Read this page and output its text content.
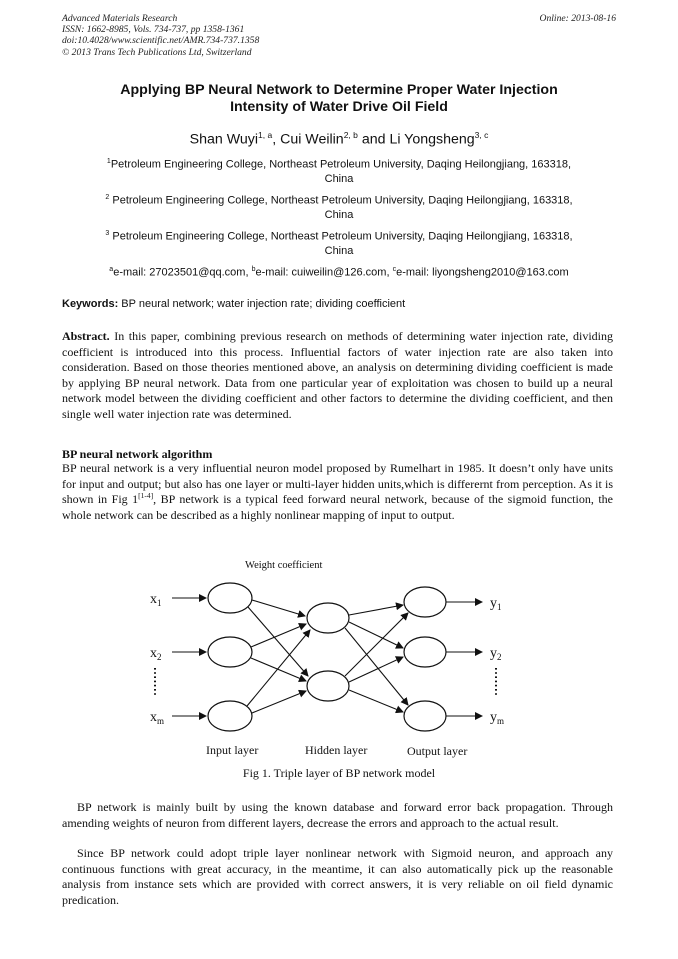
Advanced Materials Research
ISSN: 1662-8985, Vols. 734-737, pp 1358-1361
doi:10.4028/www.scientific.net/AMR.734-737.1358
© 2013 Trans Tech Publications Ltd, Switzerland
Online: 2013-08-16
Applying BP Neural Network to Determine Proper Water Injection
Intensity of Water Drive Oil Field
Shan Wuyi$^{1, a}$, Cui Weilin$^{2, b}$ and Li Yongsheng$^{3, c}$
$^1$Petroleum Engineering College, Northeast Petroleum University, Daqing Heilongjiang, 163318,
China
$^2$ Petroleum Engineering College, Northeast Petroleum University, Daqing Heilongjiang, 163318,
China
$^3$ Petroleum Engineering College, Northeast Petroleum University, Daqing Heilongjiang, 163318,
China
$^a$e-mail: 27023501@qq.com, $^b$e-mail: cuiweilin@126.com, $^c$e-mail: liyongsheng2010@163.com
Keywords: BP neural network; water injection rate; dividing coefficient
Abstract. In this paper, combining previous research on methods of determining water injection rate, dividing coefficient is introduced into this process. Influential factors of water injection rate are also taken into consideration. Based on those theories mentioned above, an analysis on determining dividing coefficient is made by applying BP neural network. Data from one particular year of exploitation was chosen to build up a neural network model between the dividing coefficient and other factors to determine the dividing coefficient, and then single well water injection rate was determined.
BP neural network algorithm
BP neural network is a very influential neuron model proposed by Rumelhart in 1985. It doesn’t only have units for input and output; but also has one layer or multi-layer hidden units,which is differernt from perception. As it is shown in Fig 1[1-4], BP network is a typical feed forward neural network, because of the sigmoid function, the whole network can be described as a highly nonlinear mapping of input to output.
Weight coefficient
$x_1$
$x_2$
$x_m$
$y_1$
$y_2$
$y_m$
Input layer	Hidden layer	Output layer
Fig 1. Triple layer of BP network model
BP network is mainly built by using the known database and forward error back propagation. Through amending weights of neuron from different layers, decrease the errors and approach to the actual result.
Since BP network could adopt triple layer nonlinear network with Sigmoid neuron, and approach any continuous functions with great accuracy, in the meantime, it can also automatically pick up the reasonable analysis from instance sets which are provided with correct answers, it is very reliable on oil field dynamic predication.
